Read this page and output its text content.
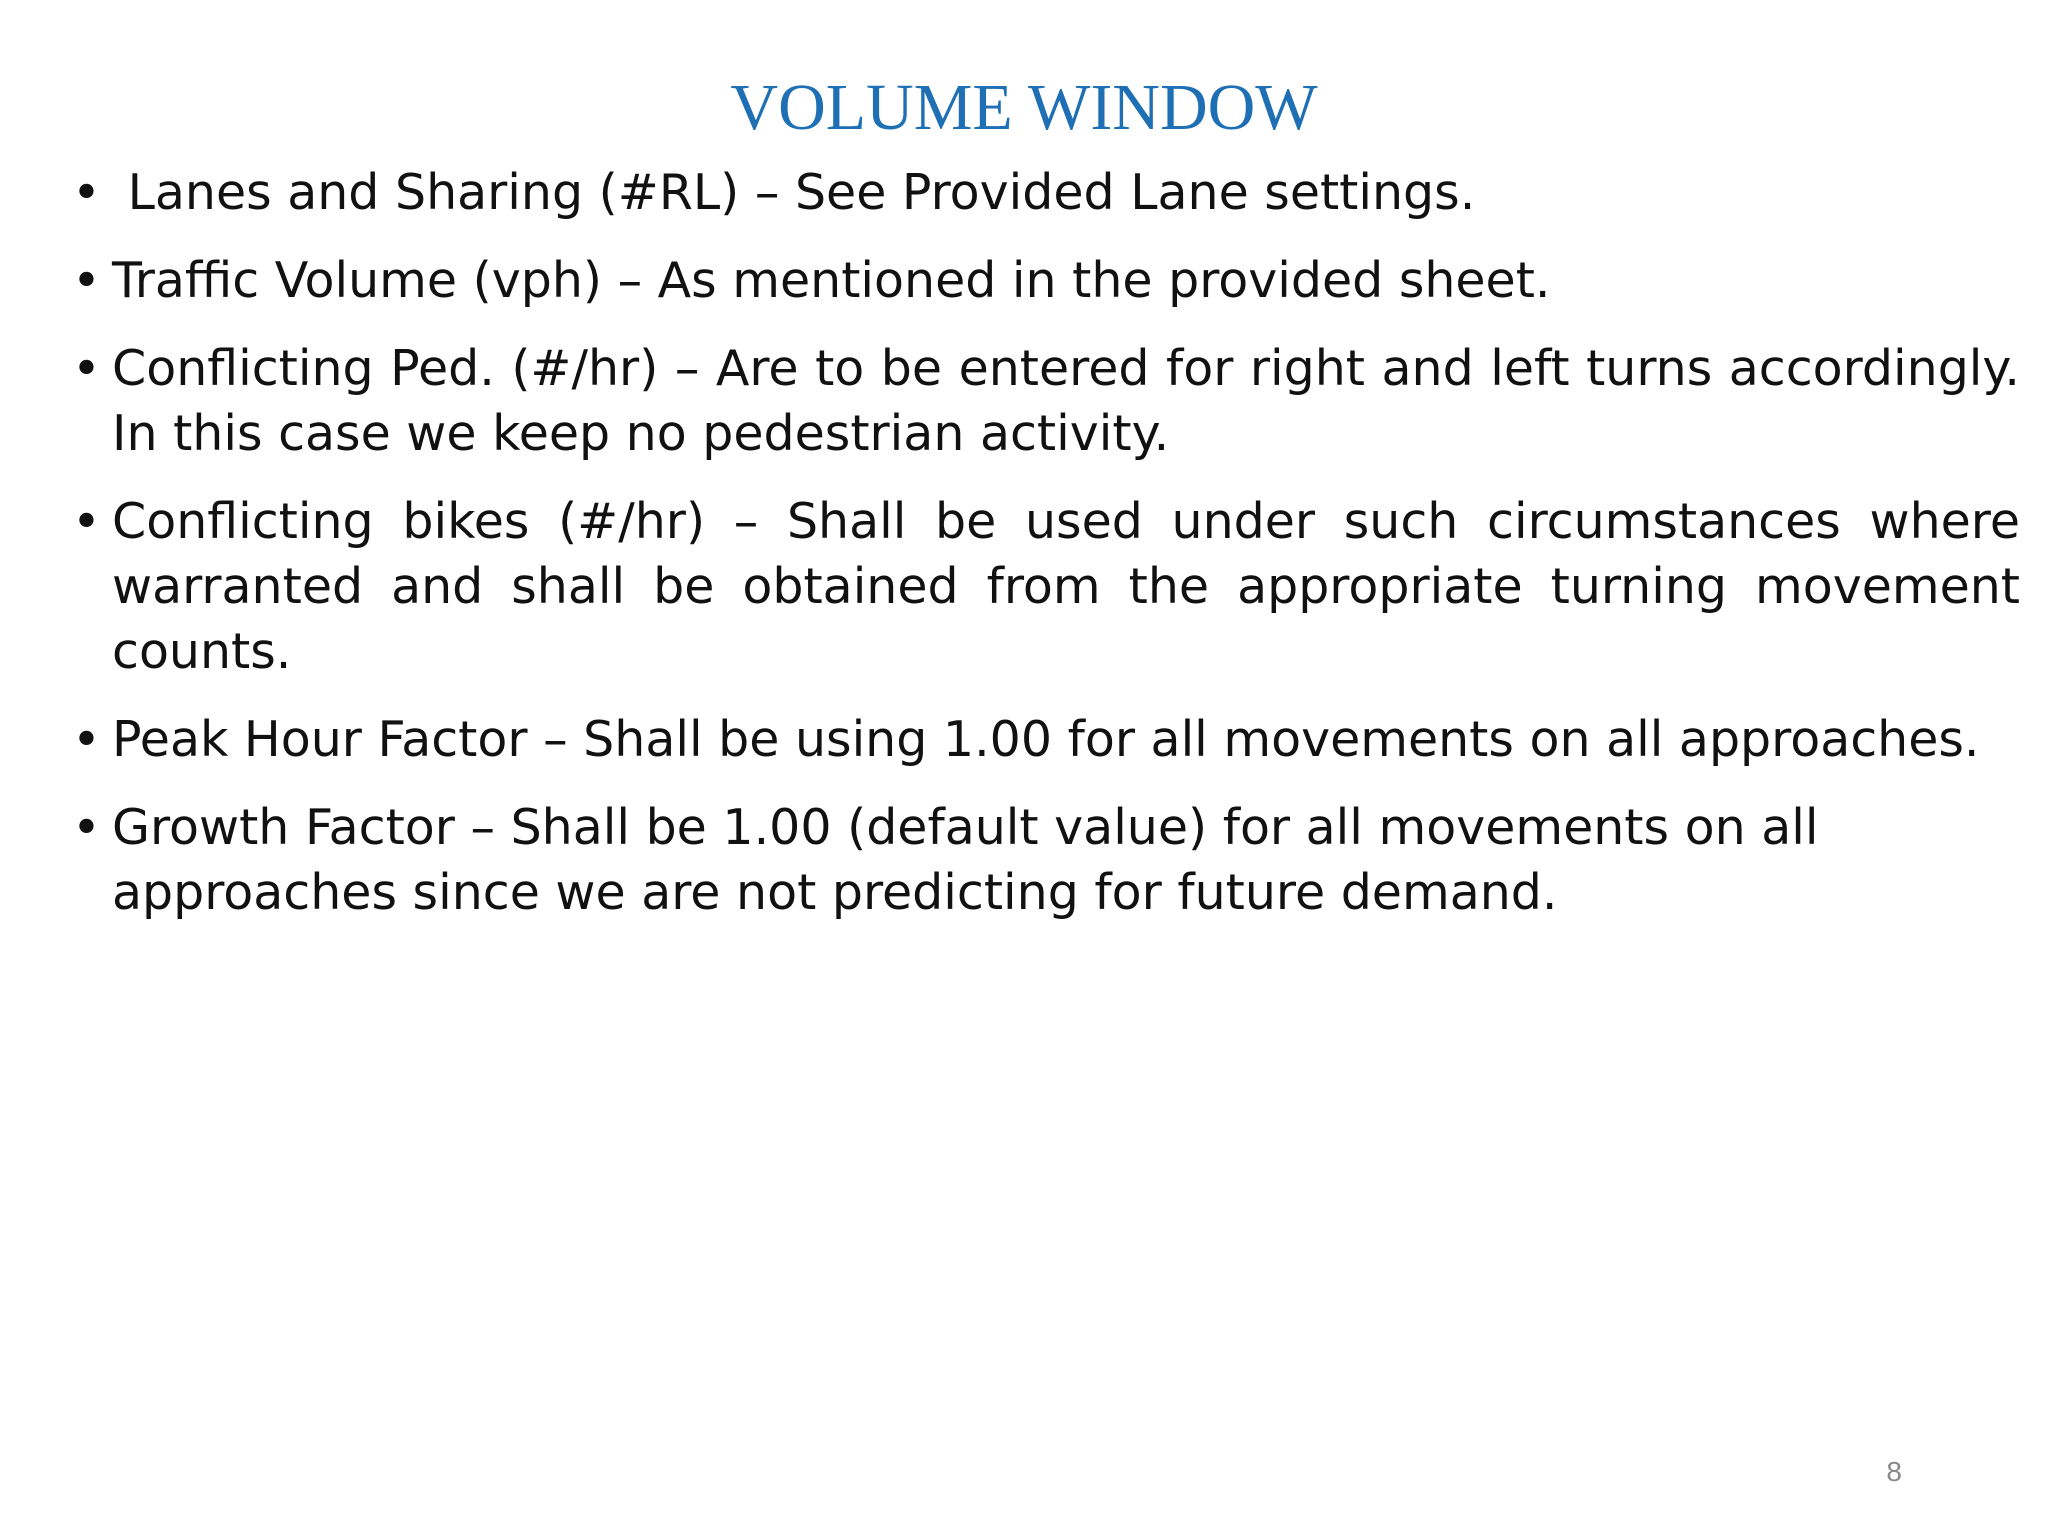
VOLUME WINDOW
• Lanes and Sharing (#RL) – See Provided Lane settings.
• Traffic Volume (vph) – As mentioned in the provided sheet.
• Conflicting Ped. (#/hr) – Are to be entered for right and left turns accordingly. In this case we keep no pedestrian activity.
• Conflicting bikes (#/hr) – Shall be used under such circumstances where warranted and shall be obtained from the appropriate turning movement counts.
• Peak Hour Factor – Shall be using 1.00 for all movements on all approaches.
• Growth Factor – Shall be 1.00 (default value) for all movements on all approaches since we are not predicting for future demand.
8
